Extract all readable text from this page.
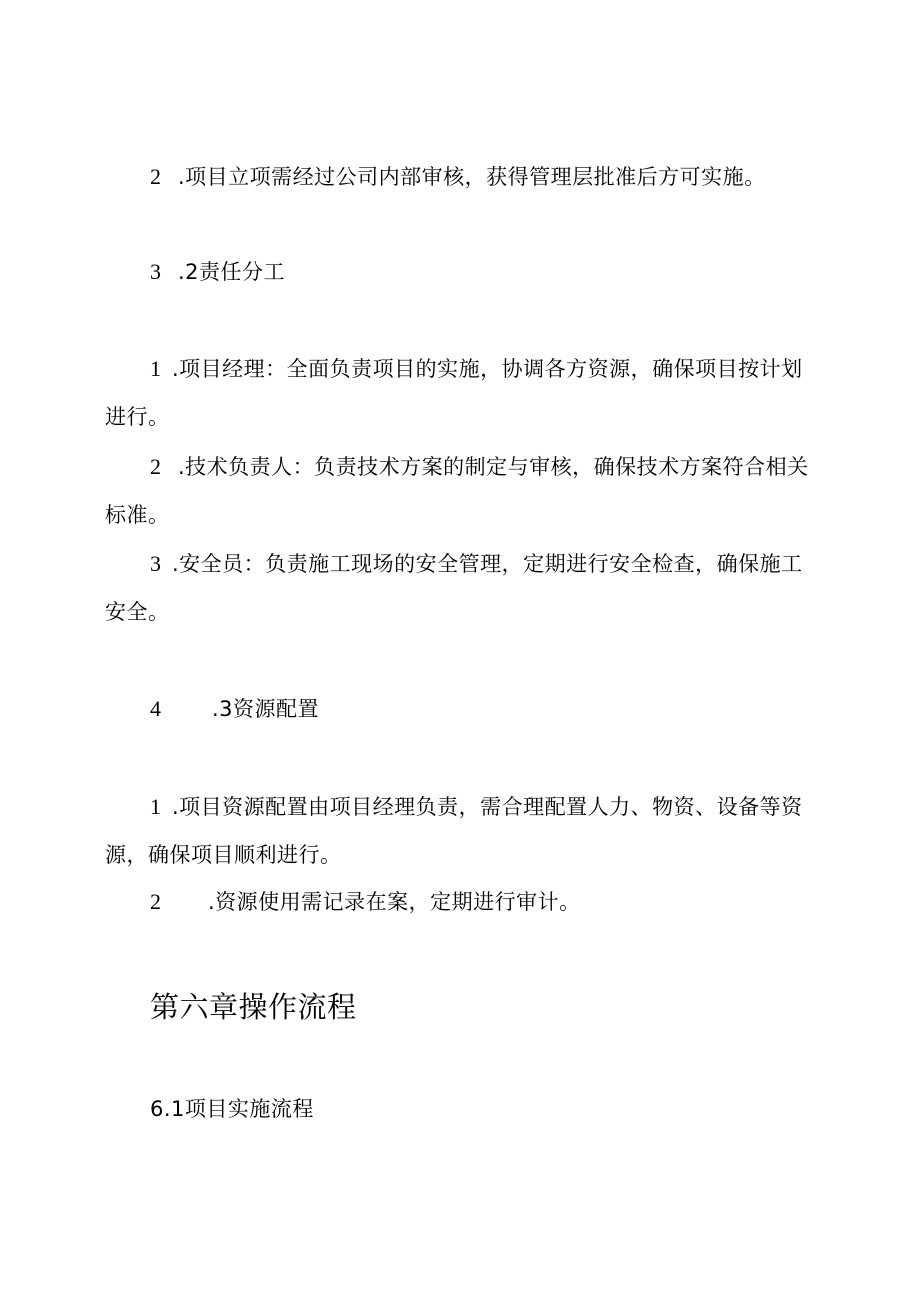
2 .项目立项需经过公司内部审核，获得管理层批准后方可实施。
3 .2责任分工
1 .项目经理：全面负责项目的实施，协调各方资源，确保项目按计划
进行。
2 .技术负责人：负责技术方案的制定与审核，确保技术方案符合相关
标准。
3 .安全员：负责施工现场的安全管理，定期进行安全检查，确保施工
安全。
4 .3资源配置
1 .项目资源配置由项目经理负责，需合理配置人力、物资、设备等资
源，确保项目顺利进行。
2 .资源使用需记录在案，定期进行审计。
第六章操作流程
6.1项目实施流程
